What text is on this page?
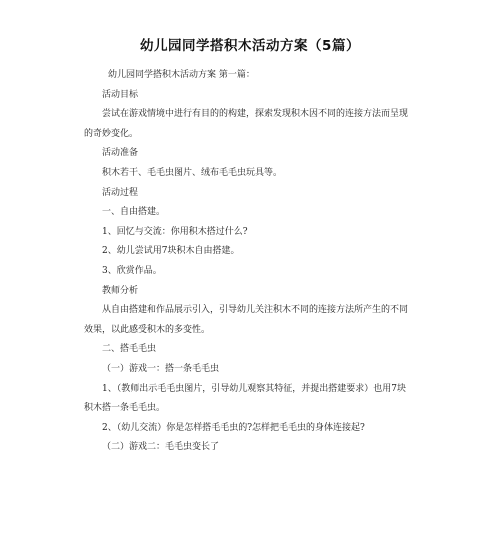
幼儿园同学搭积木活动方案（5篇）

幼儿园同学搭积木活动方案 第一篇：

活动目标

尝试在游戏情境中进行有目的的构建，探索发现积木因不同的连接方法而呈现

的奇妙变化。

活动准备

积木若干、毛毛虫图片、绒布毛毛虫玩具等。

活动过程

一、自由搭建。

1、回忆与交流：你用积木搭过什么?

2、幼儿尝试用7块积木自由搭建。

3、欣赏作品。

教师分析

从自由搭建和作品展示引入，引导幼儿关注积木不同的连接方法所产生的不同

效果，以此感受积木的多变性。

二、搭毛毛虫

（一）游戏一：搭一条毛毛虫

1、（教师出示毛毛虫图片，引导幼儿观察其特征，并提出搭建要求）也用7块

积木搭一条毛毛虫。

2、（幼儿交流）你是怎样搭毛毛虫的?怎样把毛毛虫的身体连接起?

（二）游戏二：毛毛虫变长了
